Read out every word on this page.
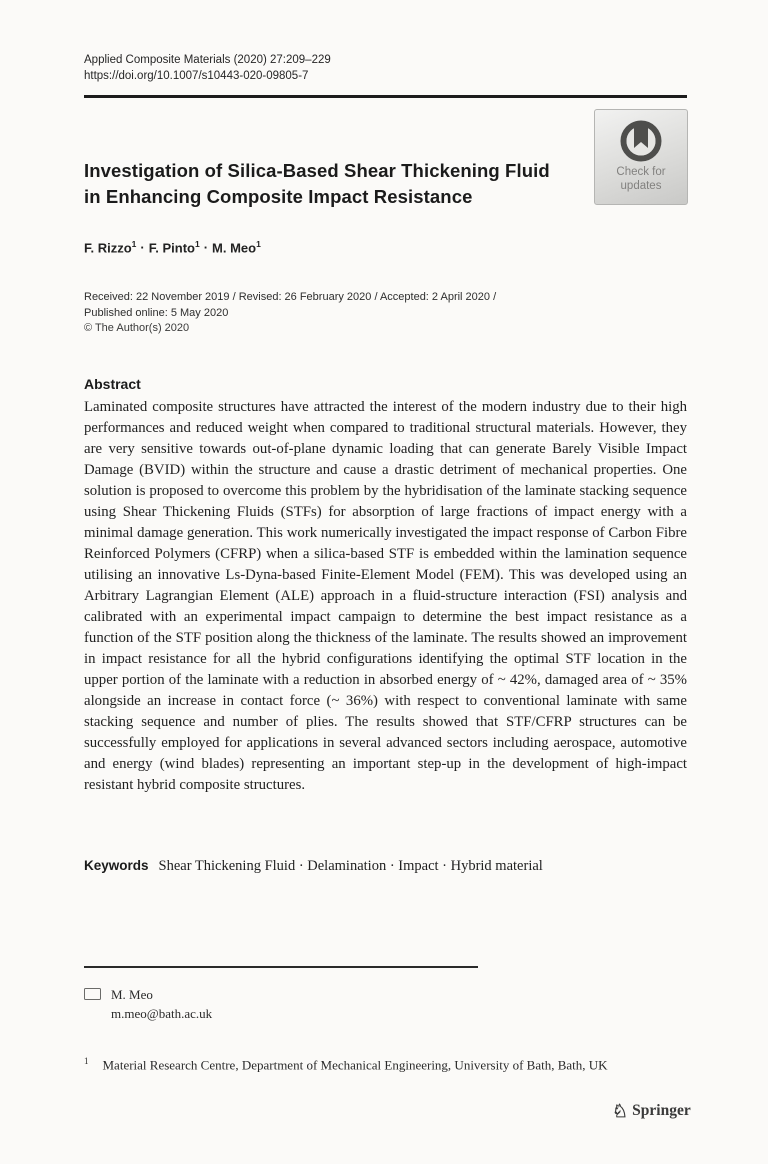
Applied Composite Materials (2020) 27:209–229
https://doi.org/10.1007/s10443-020-09805-7
Check for
updates
Investigation of Silica-Based Shear Thickening Fluid
in Enhancing Composite Impact Resistance
F. Rizzo$^1$ · F. Pinto$^1$ · M. Meo$^1$
Received: 22 November 2019 / Revised: 26 February 2020 / Accepted: 2 April 2020 /
Published online: 5 May 2020
© The Author(s) 2020
Abstract

Laminated composite structures have attracted the interest of the modern industry due to their high performances and reduced weight when compared to traditional structural materials. However, they are very sensitive towards out-of-plane dynamic loading that can generate Barely Visible Impact Damage (BVID) within the structure and cause a drastic detriment of mechanical properties. One solution is proposed to overcome this problem by the hybridisation of the laminate stacking sequence using Shear Thickening Fluids (STFs) for absorption of large fractions of impact energy with a minimal damage generation. This work numerically investigated the impact response of Carbon Fibre Reinforced Polymers (CFRP) when a silica-based STF is embedded within the lamination sequence utilising an innovative Ls-Dyna-based Finite-Element Model (FEM). This was developed using an Arbitrary Lagrangian Element (ALE) approach in a fluid-structure interaction (FSI) analysis and calibrated with an experimental impact campaign to determine the best impact resistance as a function of the STF position along the thickness of the laminate. The results showed an improvement in impact resistance for all the hybrid configurations identifying the optimal STF location in the upper portion of the laminate with a reduction in absorbed energy of ~ 42%, damaged area of ~ 35% alongside an increase in contact force (~ 36%) with respect to conventional laminate with same stacking sequence and number of plies. The results showed that STF/CFRP structures can be successfully employed for applications in several advanced sectors including aerospace, automotive and energy (wind blades) representing an important step-up in the development of high-impact resistant hybrid composite structures.

Keywords Shear Thickening Fluid · Delamination · Impact · Hybrid material
M. Meo
m.meo@bath.ac.uk
$^1$ Material Research Centre, Department of Mechanical Engineering, University of Bath, Bath, UK
♘ Springer
